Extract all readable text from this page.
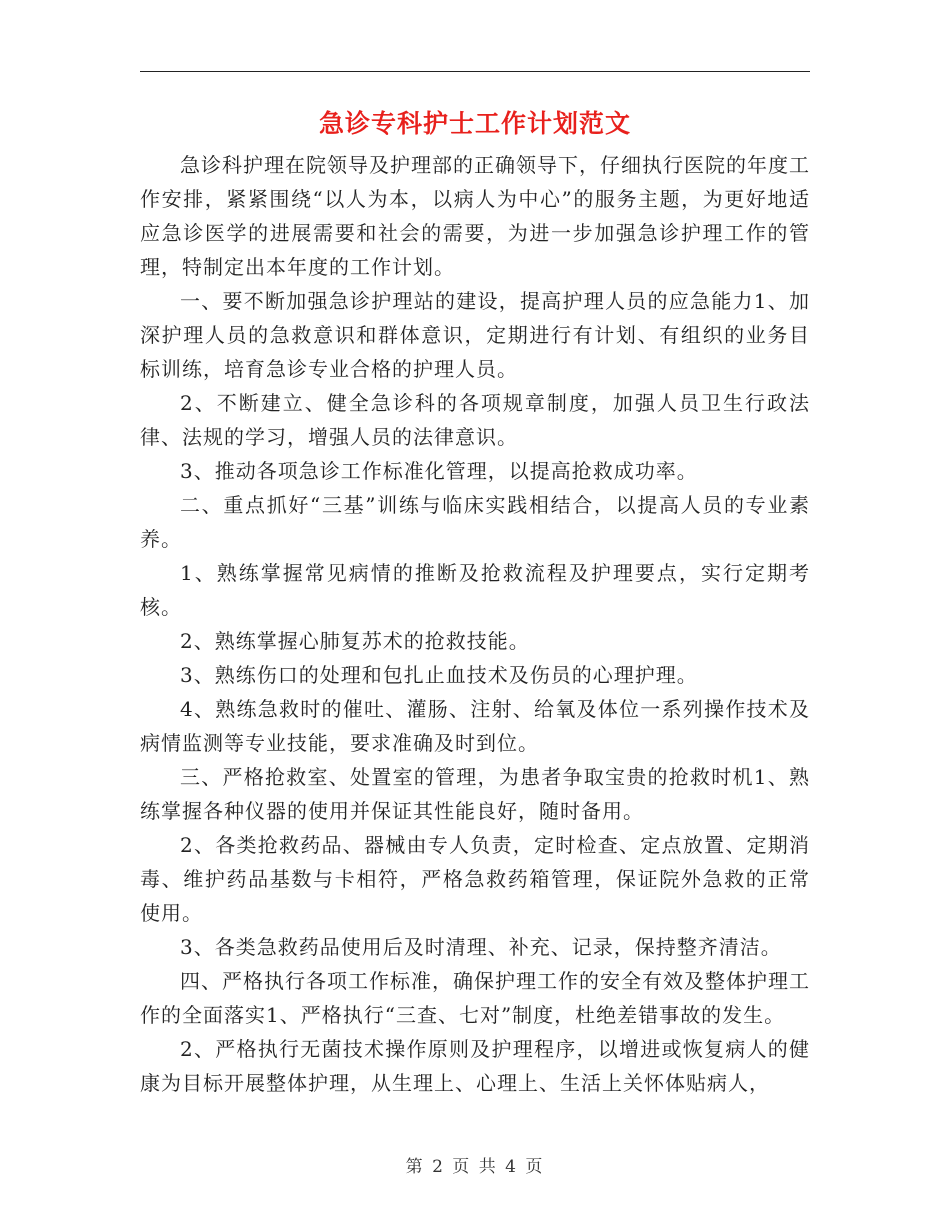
急诊专科护士工作计划范文

急诊科护理在院领导及护理部的正确领导下，仔细执行医院的年度工作安排，紧紧围绕“以人为本，以病人为中心”的服务主题，为更好地适应急诊医学的进展需要和社会的需要，为进一步加强急诊护理工作的管理，特制定出本年度的工作计划。

一、要不断加强急诊护理站的建设，提高护理人员的应急能力1、加深护理人员的急救意识和群体意识，定期进行有计划、有组织的业务目标训练，培育急诊专业合格的护理人员。

2、不断建立、健全急诊科的各项规章制度，加强人员卫生行政法律、法规的学习，增强人员的法律意识。

3、推动各项急诊工作标准化管理，以提高抢救成功率。

二、重点抓好“三基”训练与临床实践相结合，以提高人员的专业素养。

1、熟练掌握常见病情的推断及抢救流程及护理要点，实行定期考核。

2、熟练掌握心肺复苏术的抢救技能。

3、熟练伤口的处理和包扎止血技术及伤员的心理护理。

4、熟练急救时的催吐、灌肠、注射、给氧及体位一系列操作技术及病情监测等专业技能，要求准确及时到位。

三、严格抢救室、处置室的管理，为患者争取宝贵的抢救时机1、熟练掌握各种仪器的使用并保证其性能良好，随时备用。

2、各类抢救药品、器械由专人负责，定时检查、定点放置、定期消毒、维护药品基数与卡相符，严格急救药箱管理，保证院外急救的正常使用。

3、各类急救药品使用后及时清理、补充、记录，保持整齐清洁。

四、严格执行各项工作标准，确保护理工作的安全有效及整体护理工作的全面落实1、严格执行“三查、七对”制度，杜绝差错事故的发生。

2、严格执行无菌技术操作原则及护理程序，以增进或恢复病人的健康为目标开展整体护理，从生理上、心理上、生活上关怀体贴病人，

第 2 页 共 4 页
